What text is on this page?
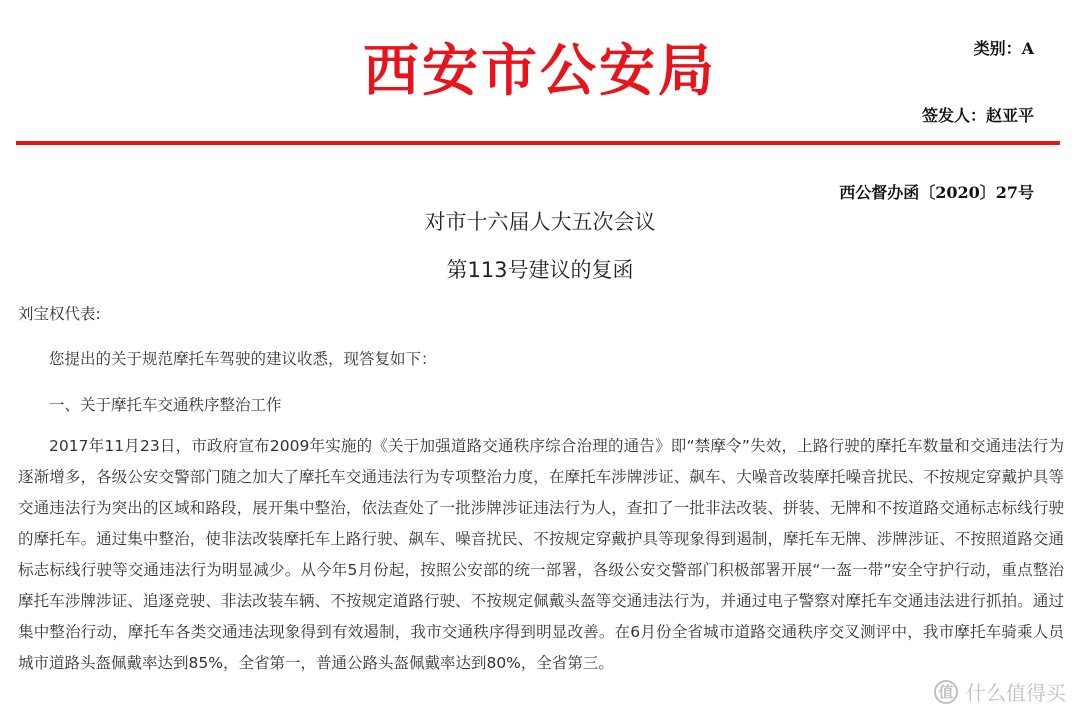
西安市公安局	类别：A
签发人：赵亚平
西公督办函〔2020〕27号
对市十六届人大五次会议
第113号建议的复函

刘宝权代表:

您提出的关于规范摩托车驾驶的建议收悉，现答复如下：

一、关于摩托车交通秩序整治工作

2017年11月23日，市政府宣布2009年实施的《关于加强道路交通秩序综合治理的通告》即“禁摩令”失效，上路行驶的摩托车数量和交通违法行为逐渐增多，各级公安交警部门随之加大了摩托车交通违法行为专项整治力度，在摩托车涉牌涉证、飙车、大噪音改装摩托噪音扰民、不按规定穿戴护具等交通违法行为突出的区域和路段，展开集中整治，依法查处了一批涉牌涉证违法行为人，查扣了一批非法改装、拼装、无牌和不按道路交通标志标线行驶的摩托车。通过集中整治，使非法改装摩托车上路行驶、飙车、噪音扰民、不按规定穿戴护具等现象得到遏制，摩托车无牌、涉牌涉证、不按照道路交通标志标线行驶等交通违法行为明显减少。从今年5月份起，按照公安部的统一部署，各级公安交警部门积极部署开展“一盔一带”安全守护行动，重点整治摩托车涉牌涉证、追逐竞驶、非法改装车辆、不按规定道路行驶、不按规定佩戴头盔等交通违法行为，并通过电子警察对摩托车交通违法进行抓拍。通过集中整治行动，摩托车各类交通违法现象得到有效遏制，我市交通秩序得到明显改善。在6月份全省城市道路交通秩序交叉测评中，我市摩托车骑乘人员城市道路头盔佩戴率达到85%，全省第一，普通公路头盔佩戴率达到80%，全省第三。

值 什么值得买
